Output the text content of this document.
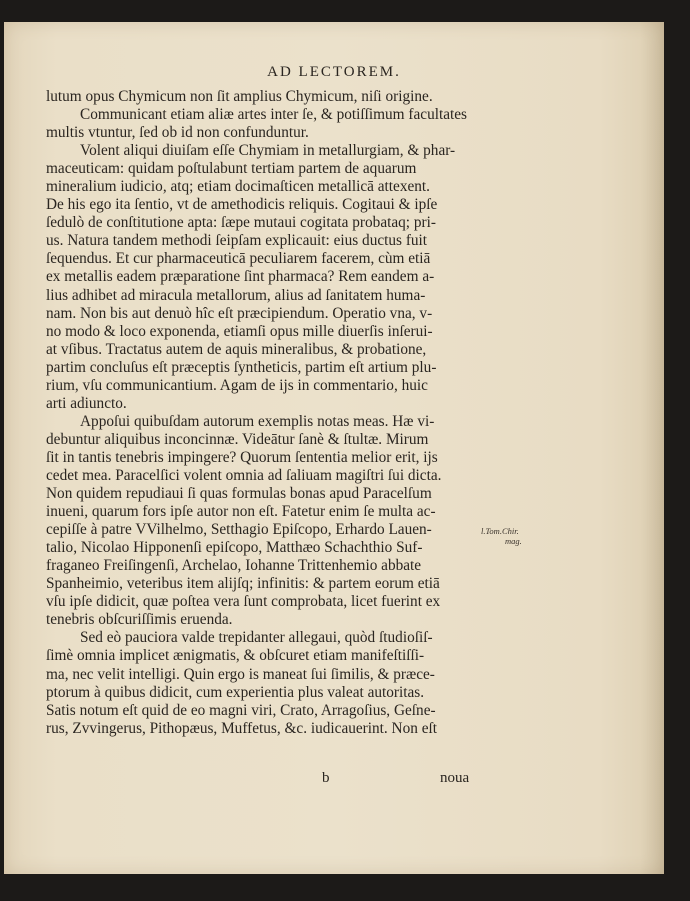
AD LECTOREM.
lutum opus Chymicum non ſit amplius Chymicum, niſi origine.
Communicant etiam aliæ artes inter ſe, & potiſſimum facultates
multis vtuntur, ſed ob id non confunduntur.
Volent aliqui diuiſam eſſe Chymiam in metallurgiam, & phar-
maceuticam: quidam poſtulabunt tertiam partem de aquarum
mineralium iudicio, atq; etiam docimaſticen metallicā attexent.
De his ego ita ſentio, vt de amethodicis reliquis. Cogitaui & ipſe
ſedulò de conſtitutione apta: ſæpe mutaui cogitata probataq; pri-
us. Natura tandem methodi ſeipſam explicauit: eius ductus fuit
ſequendus. Et cur pharmaceuticā peculiarem facerem, cùm etiā
ex metallis eadem præparatione ſint pharmaca? Rem eandem a-
lius adhibet ad miracula metallorum, alius ad ſanitatem huma-
nam. Non bis aut denuò hîc eſt præcipiendum. Operatio vna, v-
no modo & loco exponenda, etiamſi opus mille diuerſis inſerui-
at vſibus. Tractatus autem de aquis mineralibus, & probatione,
partim concluſus eſt præceptis ſyntheticis, partim eſt artium plu-
rium, vſu communicantium. Agam de ijs in commentario, huic
arti adiuncto.
Appoſui quibuſdam autorum exemplis notas meas. Hæ vi-
debuntur aliquibus inconcinnæ. Videātur ſanè & ſtultæ. Mirum
ſit in tantis tenebris impingere? Quorum ſententia melior erit, ijs
cedet mea. Paracelſici volent omnia ad ſaliuam magiſtri ſui dicta.
Non quidem repudiaui ſi quas formulas bonas apud Paracelſum
inueni, quarum fors ipſe autor non eſt. Fatetur enim ſe multa ac-
cepiſſe à patre VVilhelmo, Setthagio Epiſcopo, Erhardo Lauen-
talio, Nicolao Hipponenſi epiſcopo, Matthæo Schachthio Suf-
fraganeo Freiſingenſi, Archelao, Iohanne Trittenhemio abbate
Spanheimio, veteribus item alijſq; infinitis: & partem eorum etiā
vſu ipſe didicit, quæ poſtea vera ſunt comprobata, licet fuerint ex
tenebris obſcuriſſimis eruenda.
Sed eò pauciora valde trepidanter allegaui, quòd ſtudioſiſ-
ſimè omnia implicet ænigmatis, & obſcuret etiam manifeſtiſſi-
ma, nec velit intelligi. Quin ergo is maneat ſui ſimilis, & præce-
ptorum à quibus didicit, cum experientia plus valeat autoritas.
Satis notum eſt quid de eo magni viri, Crato, Arragoſius, Geſne-
rus, Zvvingerus, Pithopæus, Muffetus, &c. iudicauerint. Non eſt
l.Tom.Chir.
mag.
b	noua
